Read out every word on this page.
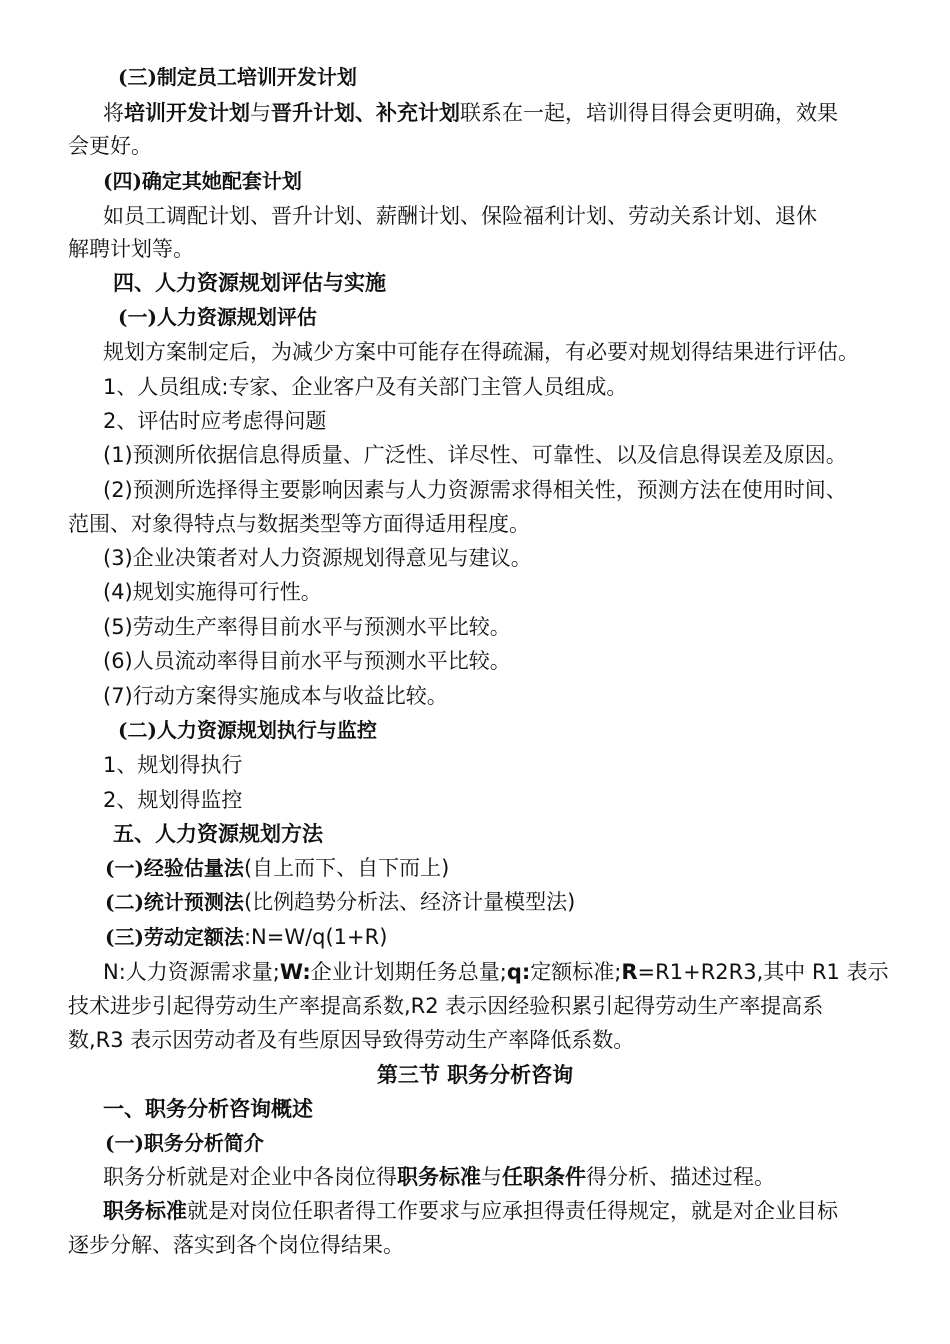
(三)制定员工培训开发计划
将培训开发计划与晋升计划、补充计划联系在一起，培训得目得会更明确，效果
会更好。
(四)确定其她配套计划
如员工调配计划、晋升计划、薪酬计划、保险福利计划、劳动关系计划、退休
解聘计划等。
四、人力资源规划评估与实施
(一)人力资源规划评估
规划方案制定后，为减少方案中可能存在得疏漏，有必要对规划得结果进行评估。
1、人员组成:专家、企业客户及有关部门主管人员组成。
2、评估时应考虑得问题
(1)预测所依据信息得质量、广泛性、详尽性、可靠性、以及信息得误差及原因。
(2)预测所选择得主要影响因素与人力资源需求得相关性，预测方法在使用时间、
范围、对象得特点与数据类型等方面得适用程度。
(3)企业决策者对人力资源规划得意见与建议。
(4)规划实施得可行性。
(5)劳动生产率得目前水平与预测水平比较。
(6)人员流动率得目前水平与预测水平比较。
(7)行动方案得实施成本与收益比较。
(二)人力资源规划执行与监控
1、规划得执行
2、规划得监控
五、人力资源规划方法
(一)经验估量法(自上而下、自下而上)
(二)统计预测法(比例趋势分析法、经济计量模型法)
(三)劳动定额法:N=W/q(1+R)
N:人力资源需求量;W:企业计划期任务总量;q:定额标准;R=R1+R2R3,其中 R1 表示
技术进步引起得劳动生产率提高系数,R2 表示因经验积累引起得劳动生产率提高系
数,R3 表示因劳动者及有些原因导致得劳动生产率降低系数。
第三节 职务分析咨询
一、职务分析咨询概述
(一)职务分析简介
职务分析就是对企业中各岗位得职务标准与任职条件得分析、描述过程。
职务标准就是对岗位任职者得工作要求与应承担得责任得规定，就是对企业目标
逐步分解、落实到各个岗位得结果。
